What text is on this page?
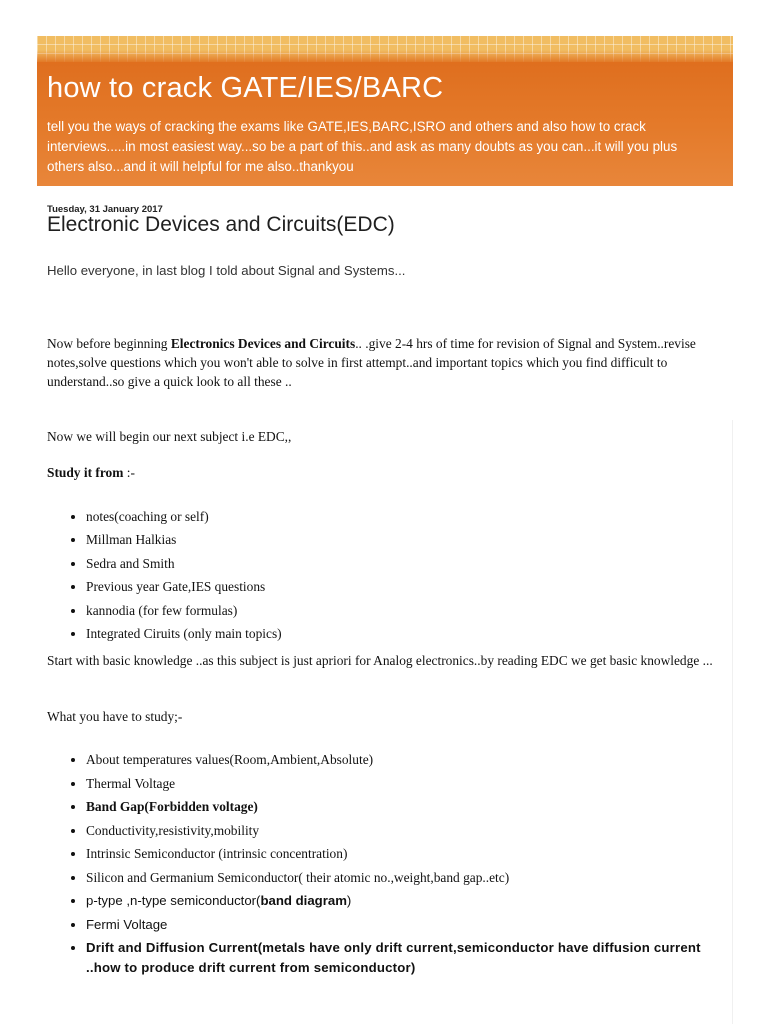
how to crack GATE/IES/BARC

tell you the ways of cracking the exams like GATE,IES,BARC,ISRO and others and also how to crack interviews.....in most easiest way...so be a part of this..and ask as many doubts as you can...it will you plus others also...and it will helpful for me also..thankyou

Tuesday, 31 January 2017
Electronic Devices and Circuits(EDC)

Hello everyone, in last blog I told about Signal and Systems...

Now before beginning Electronics Devices and Circuits.. .give 2-4 hrs of time for revision of Signal and System..revise notes,solve questions which you won't able to solve in first attempt..and important topics which you find difficult to understand..so give a quick look to all these ..

Now we will begin our next subject i.e EDC,,

Study it from :-

• notes(coaching or self)
• Millman Halkias
• Sedra and Smith
• Previous year Gate,IES questions
• kannodia (for few formulas)
• Integrated Ciruits (only main topics)

Start with basic knowledge ..as this subject is just apriori for Analog electronics..by reading EDC we get basic knowledge ...

What you have to study;-

• About temperatures values(Room,Ambient,Absolute)
• Thermal Voltage
• Band Gap(Forbidden voltage)
• Conductivity,resistivity,mobility
• Intrinsic Semiconductor (intrinsic concentration)
• Silicon and Germanium Semiconductor( their atomic no.,weight,band gap..etc)
• p-type ,n-type semiconductor(band diagram)
• Fermi Voltage
• Drift and Diffusion Current(metals have only drift current,semiconductor have diffusion current ..how to produce drift current from semiconductor)
